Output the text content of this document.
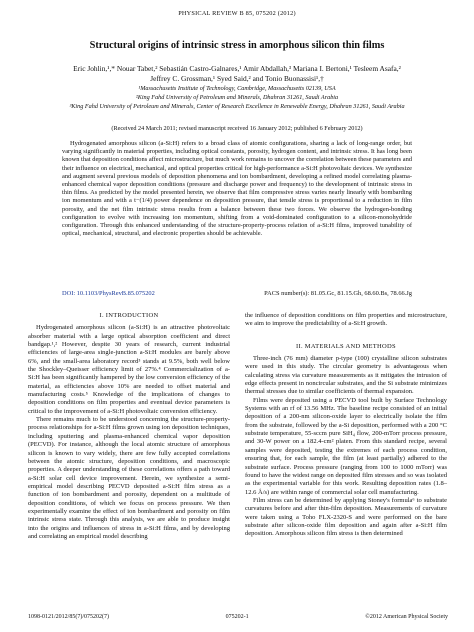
PHYSICAL REVIEW B 85, 075202 (2012)
Structural origins of intrinsic stress in amorphous silicon thin films
Eric Johlin,¹,* Nouar Tabet,² Sebastián Castro-Galnares,¹ Amir Abdallah,³ Mariana I. Bertoni,¹ Tesleem Asafa,²
Jeffrey C. Grossman,¹ Syed Said,² and Tonio Buonassisi¹,†
¹Massachusetts Institute of Technology, Cambridge, Massachusetts 02139, USA
²King Fahd University of Petroleum and Minerals, Dhahran 31261, Saudi Arabia
³King Fahd University of Petroleum and Minerals, Center of Research Excellence in Renewable Energy, Dhahran 31261, Saudi Arabia
(Received 24 March 2011; revised manuscript received 16 January 2012; published 6 February 2012)
Hydrogenated amorphous silicon (a-Si:H) refers to a broad class of atomic configurations, sharing a lack of long-range order, but varying significantly in material properties, including optical constants, porosity, hydrogen content, and intrinsic stress. It has long been known that deposition conditions affect microstructure, but much work remains to uncover the correlation between these parameters and their influence on electrical, mechanical, and optical properties critical for high-performance a-Si:H photovoltaic devices. We synthesize and augment several previous models of deposition phenomena and ion bombardment, developing a refined model correlating plasma-enhanced chemical vapor deposition conditions (pressure and discharge power and frequency) to the development of intrinsic stress in thin films. As predicted by the model presented herein, we observe that film compressive stress varies nearly linearly with bombarding ion momentum and with a t−(1/4) power dependence on deposition pressure, that tensile stress is proportional to a reduction in film porosity, and the net film intrinsic stress results from a balance between these two forces. We observe the hydrogen-bonding configuration to evolve with increasing ion momentum, shifting from a void-dominated configuration to a silicon-monohydride configuration. Through this enhanced understanding of the structure-property-process relation of a-Si:H films, improved tunability of optical, mechanical, structural, and electronic properties should be achievable.
DOI: 10.1103/PhysRevB.85.075202	PACS number(s): 81.05.Gc, 81.15.Gh, 68.60.Bs, 78.66.Jg
I. INTRODUCTION

Hydrogenated amorphous silicon (a-Si:H) is an attractive photovoltaic absorber material with a large optical absorption coefficient and direct bandgap.¹,² However, despite 30 years of research, current industrial efficiencies of large-area single-junction a-Si:H modules are barely above 6%, and the small-area laboratory record³ stands at 9.5%, both well below the Shockley–Queisser efficiency limit of 27%.⁴ Commercialization of a-Si:H has been significantly hampered by the low conversion efficiency of the material, as efficiencies above 10% are needed to offset material and manufacturing costs.⁵ Knowledge of the implications of changes to deposition conditions on film properties and eventual device parameters is critical to the improvement of a-Si:H photovoltaic conversion efficiency.

There remains much to be understood concerning the structure-property-process relationships for a-Si:H films grown using ion deposition techniques, including sputtering and plasma-enhanced chemical vapor deposition (PECVD). For instance, although the local atomic structure of amorphous silicon is known to vary widely, there are few fully accepted correlations between the atomic structure, deposition conditions, and macroscopic properties. A deeper understanding of these correlations offers a path toward a-Si:H solar cell device improvement. Herein, we synthesize a semi-empirical model describing PECVD deposited a-Si:H film stress as a function of ion bombardment and porosity, dependent on a multitude of deposition conditions, of which we focus on process pressure. We then experimentally examine the effect of ion bombardment and porosity on film intrinsic stress state. Through this analysis, we are able to produce insight into the origins and influences of stress in a-Si:H films, and by developing and correlating an empirical model describing

the influence of deposition conditions on film properties and microstructure, we aim to improve the predictability of a-Si:H growth.

II. MATERIALS AND METHODS

Three-inch (76 mm) diameter p-type (100) crystalline silicon substrates were used in this study. The circular geometry is advantageous when calculating stress via curvature measurements as it mitigates the intrusion of edge effects present in noncircular substrates, and the Si substrate minimizes thermal stresses due to similar coefficients of thermal expansion.

Films were deposited using a PECVD tool built by Surface Technology Systems with an rf of 13.56 MHz. The baseline recipe consisted of an initial deposition of a 200-nm silicon-oxide layer to electrically isolate the film from the substrate, followed by the a-Si deposition, performed with a 200 °C substrate temperature, 55-sccm pure SiH₄ flow, 200-mTorr process pressure, and 30-W power on a 182.4-cm² platen. From this standard recipe, several samples were deposited, testing the extremes of each process condition, ensuring that, for each sample, the film (at least partially) adhered to the substrate surface. Process pressure (ranging from 100 to 1000 mTorr) was found to have the widest range on deposited film stresses and so was isolated as the experimental variable for this work. Resulting deposition rates (1.8–12.6 Å/s) are within range of commercial solar cell manufacturing.

Film stress can be determined by applying Stoney's formula⁶ to substrate curvatures before and after thin-film deposition. Measurements of curvature were taken using a Toho FLX-2320-S and were performed on the bare substrate after silicon-oxide film deposition and again after a-Si:H film deposition. Amorphous silicon film stress is then determined

1098-0121/2012/85(7)/075202(7)	075202-1	©2012 American Physical Society
